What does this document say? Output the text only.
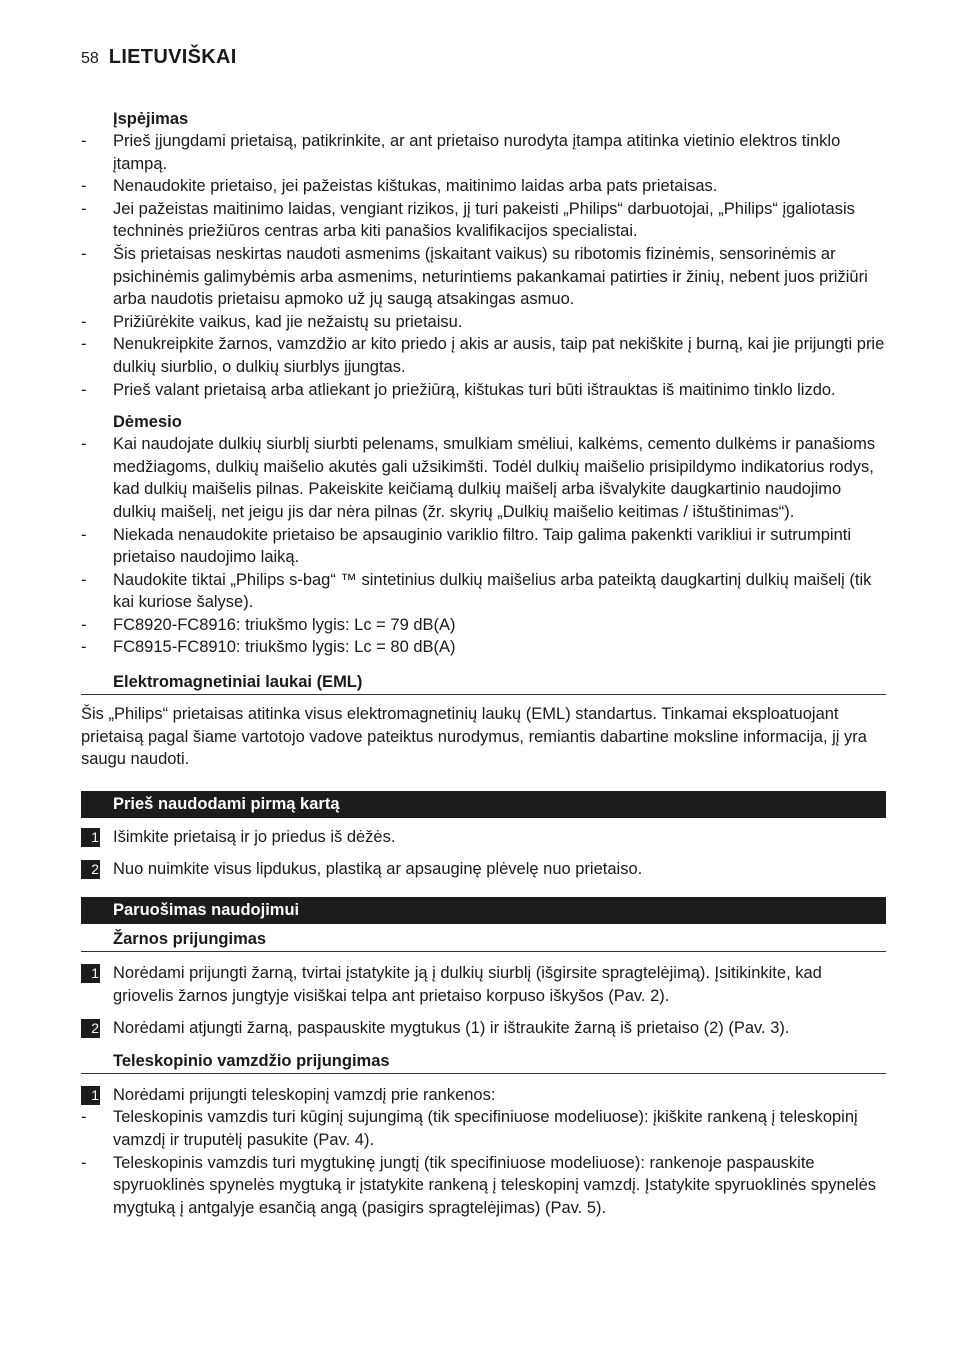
58 LIETUVIŠKAI
Įspėjimas
-	Prieš įjungdami prietaisą, patikrinkite, ar ant prietaiso nurodyta įtampa atitinka vietinio elektros tinklo įtampą.
-	Nenaudokite prietaiso, jei pažeistas kištukas, maitinimo laidas arba pats prietaisas.
-	Jei pažeistas maitinimo laidas, vengiant rizikos, jį turi pakeisti „Philips“ darbuotojai, „Philips“ įgaliotasis techninės priežiūros centras arba kiti panašios kvalifikacijos specialistai.
-	Šis prietaisas neskirtas naudoti asmenims (įskaitant vaikus) su ribotomis fizinėmis, sensorinėmis ar psichinėmis galimybėmis arba asmenims, neturintiems pakankamai patirties ir žinių, nebent juos prižiūri arba naudotis prietaisu apmoko už jų saugą atsakingas asmuo.
-	Prižiūrėkite vaikus, kad jie nežaistų su prietaisu.
-	Nenukreipkite žarnos, vamzdžio ar kito priedo į akis ar ausis, taip pat nekiškite į burną, kai jie prijungti prie dulkių siurblio, o dulkių siurblys įjungtas.
-	Prieš valant prietaisą arba atliekant jo priežiūrą, kištukas turi būti ištrauktas iš maitinimo tinklo lizdo.
Dėmesio
-	Kai naudojate dulkių siurblį siurbti pelenams, smulkiam smėliui, kalkėms, cemento dulkėms ir panašioms medžiagoms, dulkių maišelio akutės gali užsikimšti. Todėl dulkių maišelio prisipildymo indikatorius rodys, kad dulkių maišelis pilnas. Pakeiskite keičiamą dulkių maišelį arba išvalykite daugkartinio naudojimo dulkių maišelį, net jeigu jis dar nėra pilnas (žr. skyrių „Dulkių maišelio keitimas / ištuštinimas“).
-	Niekada nenaudokite prietaiso be apsauginio variklio filtro. Taip galima pakenkti varikliui ir sutrumpinti prietaiso naudojimo laiką.
-	Naudokite tiktai „Philips s-bag“ ™ sintetinius dulkių maišelius arba pateiktą daugkartinį dulkių maišelį (tik kai kuriose šalyse).
-	FC8920-FC8916: triukšmo lygis: Lc = 79 dB(A)
-	FC8915-FC8910: triukšmo lygis: Lc = 80 dB(A)
Elektromagnetiniai laukai (EML)
Šis „Philips“ prietaisas atitinka visus elektromagnetinių laukų (EML) standartus. Tinkamai eksploatuojant prietaisą pagal šiame vartotojo vadove pateiktus nurodymus, remiantis dabartine moksline informacija, jį yra saugu naudoti.
Prieš naudodami pirmą kartą
1 Išimkite prietaisą ir jo priedus iš dėžės.
2 Nuo nuimkite visus lipdukus, plastiką ar apsauginę plėvelę nuo prietaiso.
Paruošimas naudojimui
Žarnos prijungimas
1 Norėdami prijungti žarną, tvirtai įstatykite ją į dulkių siurblį (išgirsite spragtelėjimą). Įsitikinkite, kad griovelis žarnos jungtyje visiškai telpa ant prietaiso korpuso iškyšos (Pav. 2).
2 Norėdami atjungti žarną, paspauskite mygtukus (1) ir ištraukite žarną iš prietaiso (2) (Pav. 3).
Teleskopinio vamzdžio prijungimas
1 Norėdami prijungti teleskopinį vamzdį prie rankenos:
-	Teleskopinis vamzdis turi kūginį sujungimą (tik specifiniuose modeliuose): įkiškite rankeną į teleskopinį vamzdį ir truputėlį pasukite (Pav. 4).
-	Teleskopinis vamzdis turi mygtukinę jungtį (tik specifiniuose modeliuose): rankenoje paspauskite spyruoklinės spynelės mygtuką ir įstatykite rankeną į teleskopinį vamzdį. Įstatykite spyruoklinės spynelės mygtuką į antgalyje esančią angą (pasigirs spragtelėjimas) (Pav. 5).
